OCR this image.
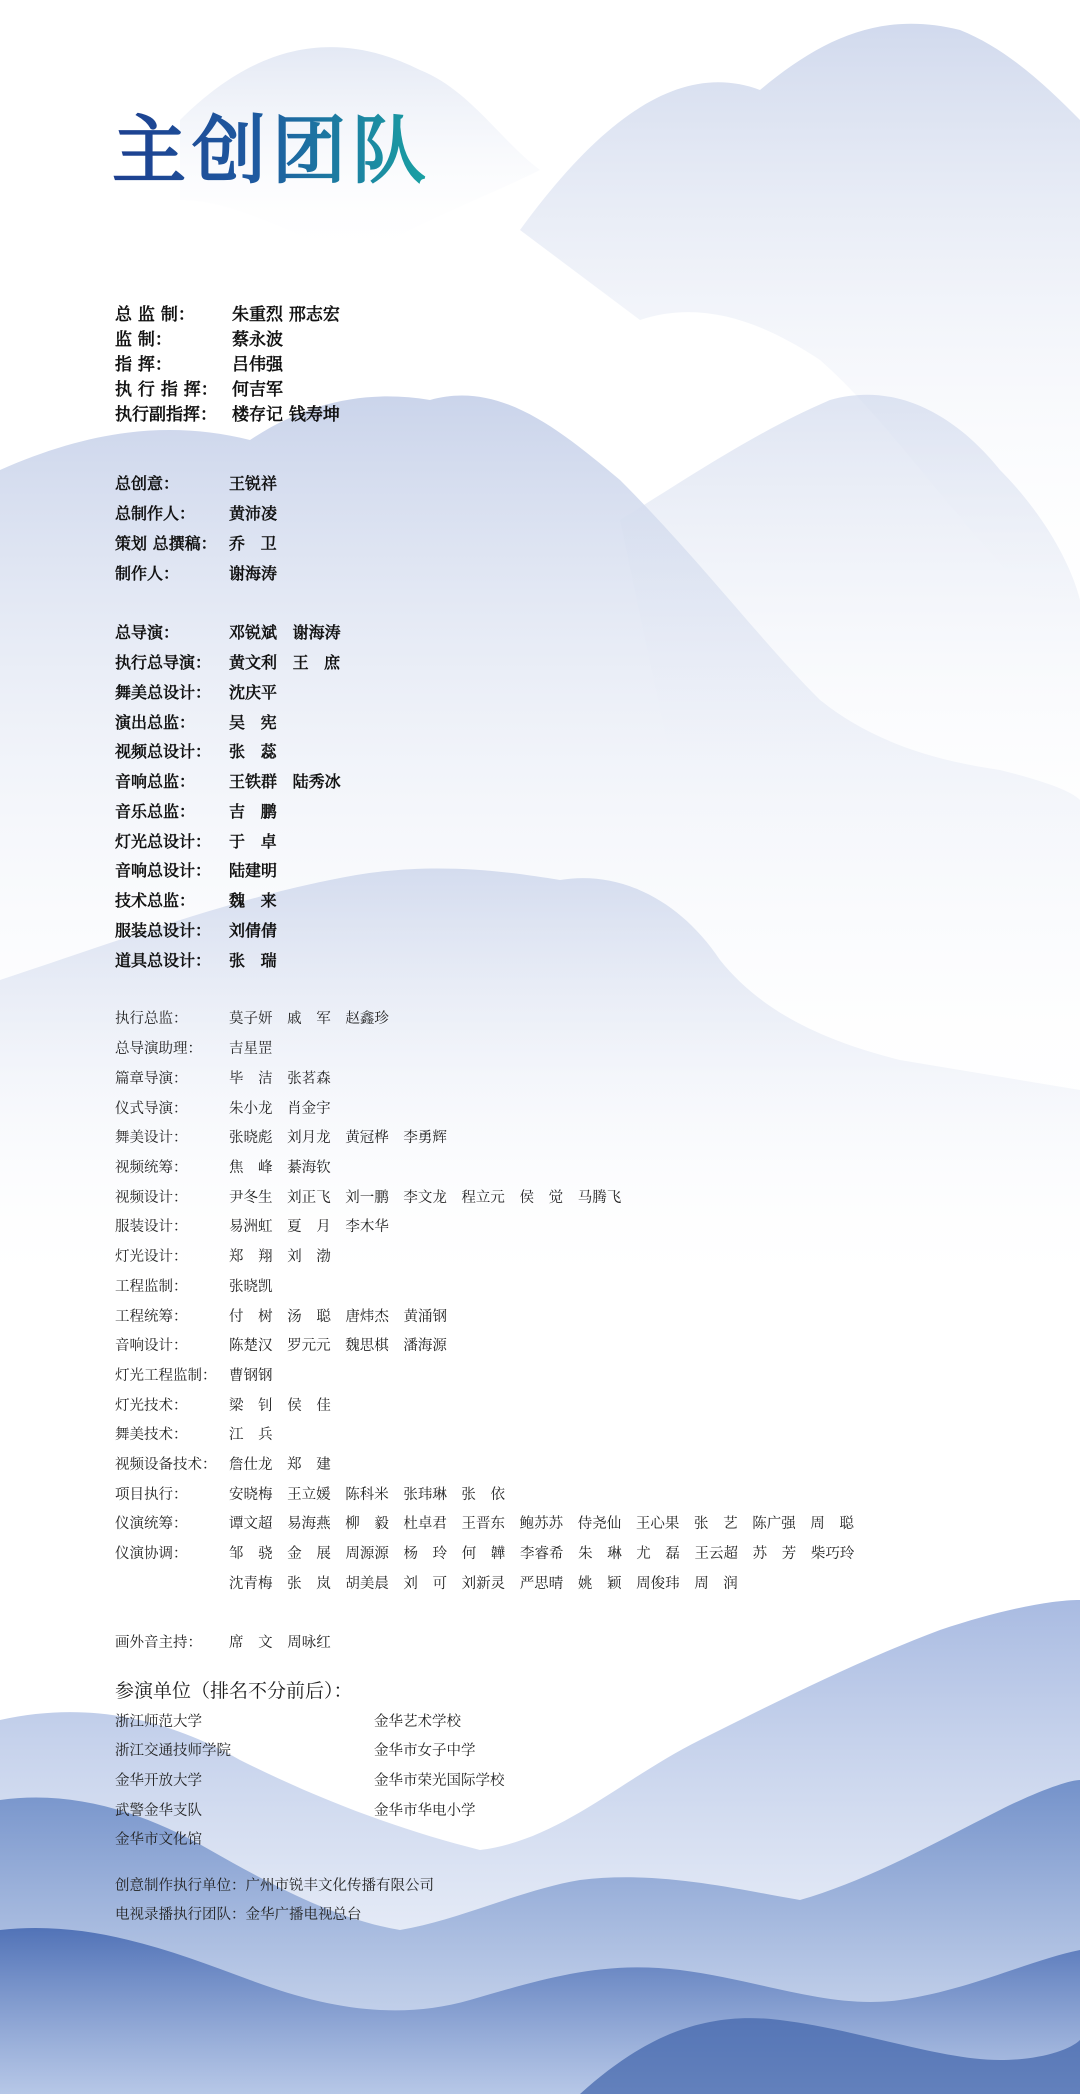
主创团队
总 监 制： 朱重烈 邢志宏
监 制：	蔡永波
指 挥：	吕伟强
执 行 指 挥： 何吉军
执行副指挥： 楼存记 钱寿坤
总创意：	王锐祥
总制作人： 黄沛凌
策划 总撰稿： 乔 卫
制作人：	谢海涛
总导演：	邓锐斌 谢海涛
执行总导演： 黄文利 王 庶
舞美总设计： 沈庆平
演出总监： 吴 宪
视频总设计： 张 蕊
音响总监： 王铁群 陆秀冰
音乐总监： 吉 鹏
灯光总设计： 于 卓
音响总设计： 陆建明
技术总监： 魏 来
服装总设计： 刘倩倩
道具总设计： 张 瑞
执行总监：	莫子妍 戚 军 赵鑫珍
总导演助理： 吉星罡
篇章导演：	毕 洁 张茗森
仪式导演：	朱小龙 肖金宇
舞美设计：	张晓彪 刘月龙 黄冠桦 李勇辉
视频统筹：	焦 峰 綦海钦
视频设计：	尹冬生 刘正飞 刘一鹏 李文龙 程立元 侯 觉 马腾飞
服装设计：	易洲虹 夏 月 李木华
灯光设计：	郑 翔 刘 渤
工程监制：	张晓凯
工程统筹：	付 树 汤 聪 唐炜杰 黄涌钢
音响设计：	陈楚汉 罗元元 魏思棋 潘海源
灯光工程监制： 曹钢钢
灯光技术：	梁 钊 侯 佳
舞美技术：	江 兵
视频设备技术： 詹仕龙 郑 建
项目执行：	安晓梅 王立媛 陈科米 张玮琳 张 依
仪演统筹：	谭文超 易海燕 柳 毅 杜卓君 王晋东 鲍苏苏 侍尧仙 王心果 张 艺 陈广强 周 聪
仪演协调：	邹 骁 金 展 周源源 杨 玲 何 韡 李睿希 朱 琳 尤 磊 王云超 苏 芳 柴巧玲
沈青梅 张 岚 胡美晨 刘 可 刘新灵 严思晴 姚 颖 周俊玮 周 润
画外音主持： 席 文 周咏红
参演单位（排名不分前后）：
浙江师范大学
浙江交通技师学院
金华开放大学
武警金华支队
金华市文化馆
金华艺术学校
金华市女子中学
金华市荣光国际学校
金华市华电小学
创意制作执行单位：广州市锐丰文化传播有限公司
电视录播执行团队：金华广播电视总台
